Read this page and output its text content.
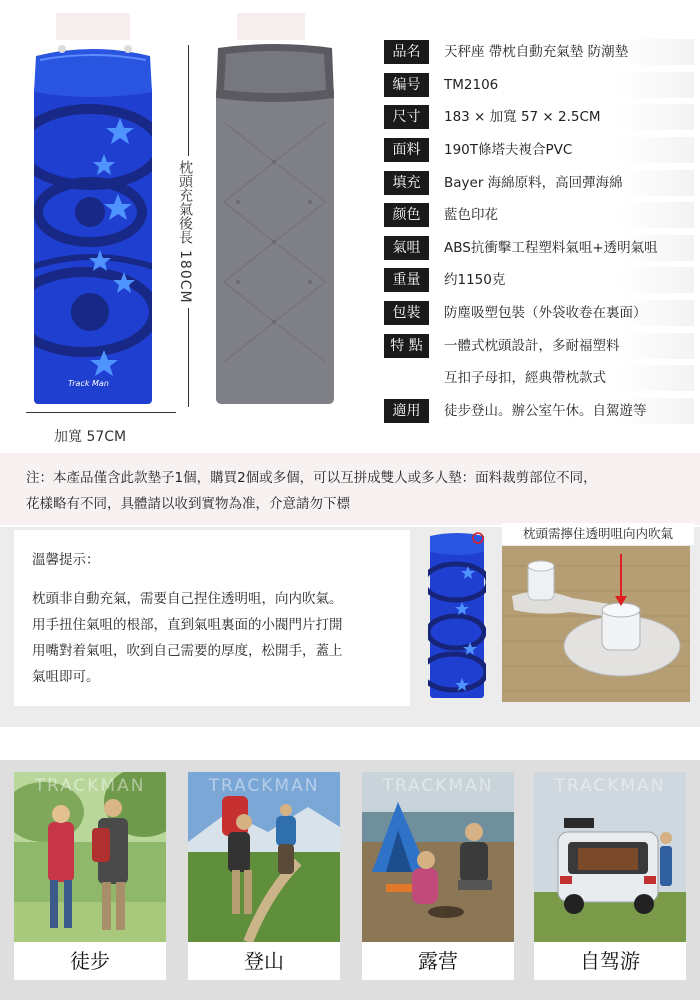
Track Man
枕頭充氣後長
180CM
加寬 57CM
品名	天秤座 帶枕自動充氣墊 防潮墊
编号	TM2106
尺寸	183 × 加寬 57 × 2.5CM
面料	190T條塔夫複合PVC
填充	Bayer 海綿原料，高回彈海綿
颜色	藍色印花
氣咀	ABS抗衝擊工程塑料氣咀+透明氣咀
重量	约1150克
包裝	防塵吸塑包裝（外袋收卷在裏面）
特 點	一體式枕頭設計，多耐福塑料
互扣子母扣，經典帶枕款式
適用	徒步登山。辦公室午休。自駕遊等
注：本產品僅含此款墊子1個，購買2個或多個，可以互拼成雙人或多人墊：面料裁剪部位不同，
花樣略有不同，具體請以收到實物為准，介意請勿下標
溫馨提示：
枕頭非自動充氣，需要自己捏住透明咀，向内吹氣。
用手扭住氣咀的根部，直到氣咀裏面的小閥門片打開
用嘴對着氣咀，吹到自己需要的厚度，松開手，蓋上
氣咀即可。
枕頭需擰住透明咀向内吹氣
TRACKMAN
徒步
TRACKMAN
登山
TRACKMAN
露营
TRACKMAN
自驾游
